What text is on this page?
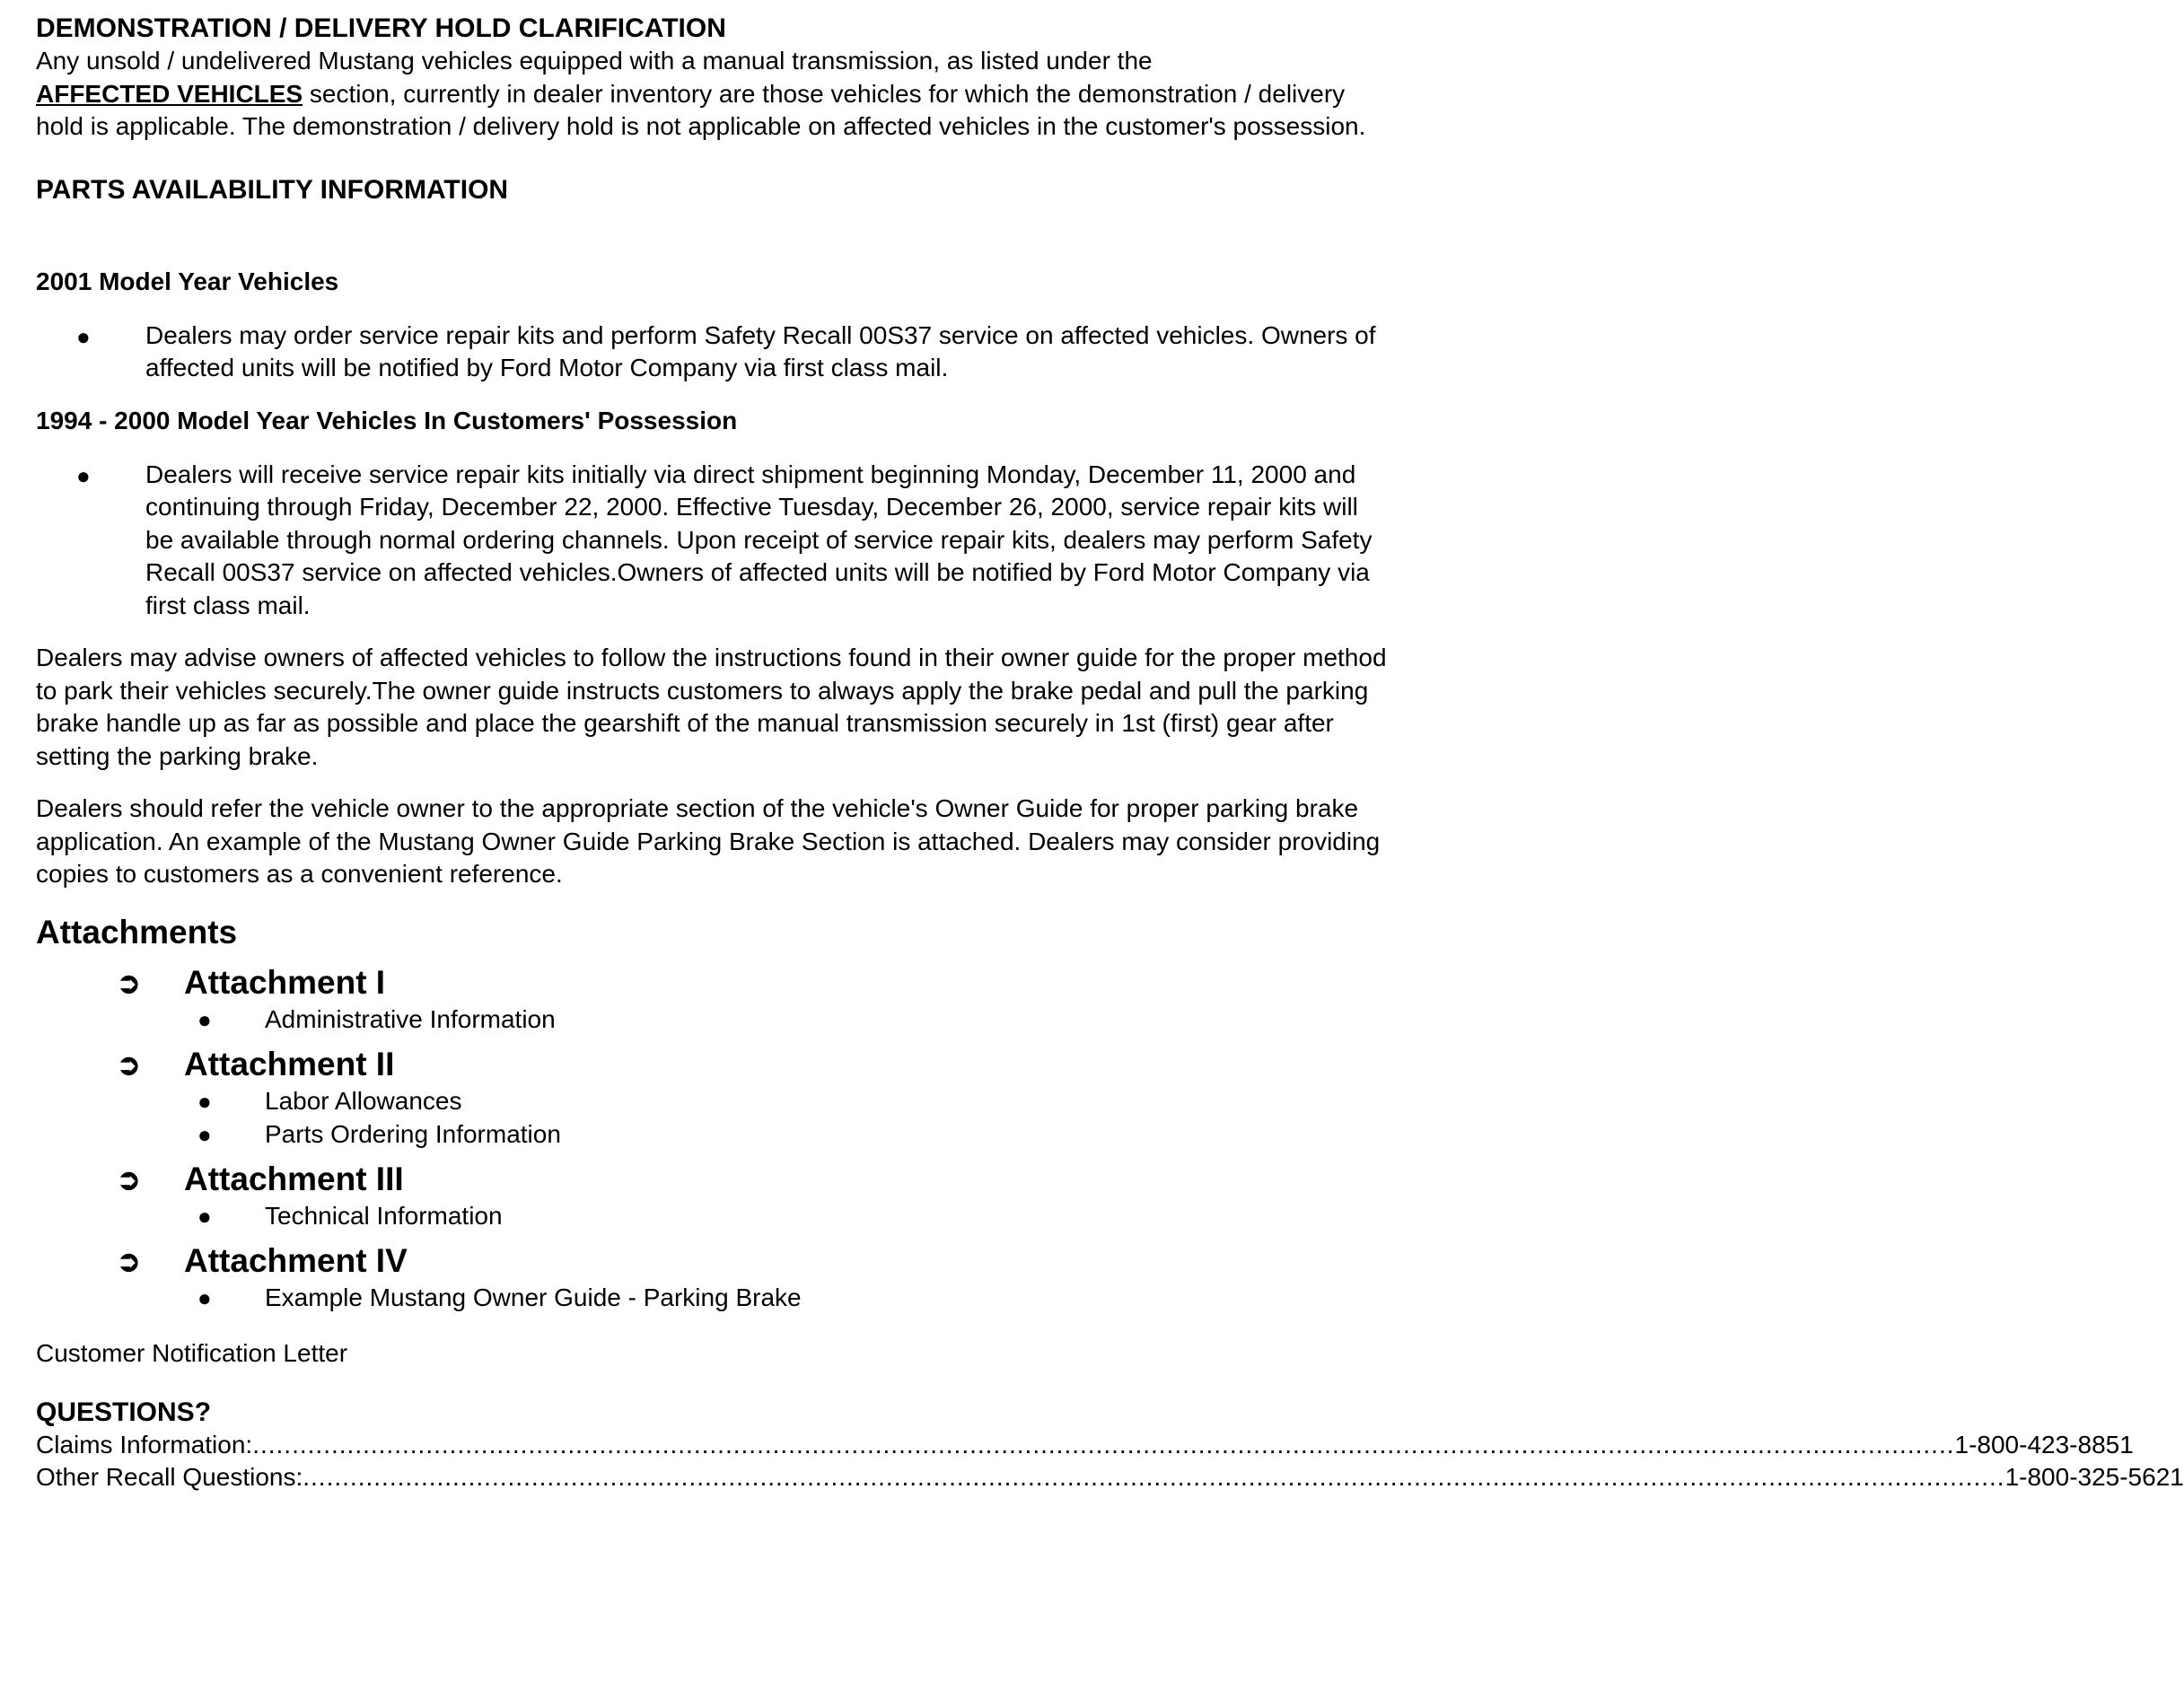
DEMONSTRATION / DELIVERY HOLD CLARIFICATION

Any unsold / undelivered Mustang vehicles equipped with a manual transmission, as listed under the
AFFECTED VEHICLES section, currently in dealer inventory are those vehicles for which the demonstration / delivery hold is applicable. The demonstration / delivery hold is not applicable on affected vehicles in the customer's possession.

PARTS AVAILABILITY INFORMATION
2001 Model Year Vehicles
● Dealers may order service repair kits and perform Safety Recall 00S37 service on affected vehicles. Owners of affected units will be notified by Ford Motor Company via first class mail.
1994 - 2000 Model Year Vehicles In Customers' Possession
● Dealers will receive service repair kits initially via direct shipment beginning Monday, December 11, 2000 and continuing through Friday, December 22, 2000. Effective Tuesday, December 26, 2000, service repair kits will be available through normal ordering channels. Upon receipt of service repair kits, dealers may perform Safety Recall 00S37 service on affected vehicles.Owners of affected units will be notified by Ford Motor Company via first class mail.

Dealers may advise owners of affected vehicles to follow the instructions found in their owner guide for the proper method to park their vehicles securely.The owner guide instructs customers to always apply the brake pedal and pull the parking brake handle up as far as possible and place the gearshift of the manual transmission securely in 1st (first) gear after setting the parking brake.

Dealers should refer the vehicle owner to the appropriate section of the vehicle's Owner Guide for proper parking brake application. An example of the Mustang Owner Guide Parking Brake Section is attached. Dealers may consider providing copies to customers as a convenient reference.

Attachments
➲ Attachment I
● Administrative Information
➲ Attachment II
● Labor Allowances
● Parts Ordering Information
➲ Attachment III
● Technical Information
➲ Attachment IV
● Example Mustang Owner Guide - Parking Brake

Customer Notification Letter

QUESTIONS?
Claims Information: ........................................................................................................................................................................................................................ 1-800-423-8851
Other Recall Questions: ........................................................................................................................................................................................................................ 1-800-325-5621
